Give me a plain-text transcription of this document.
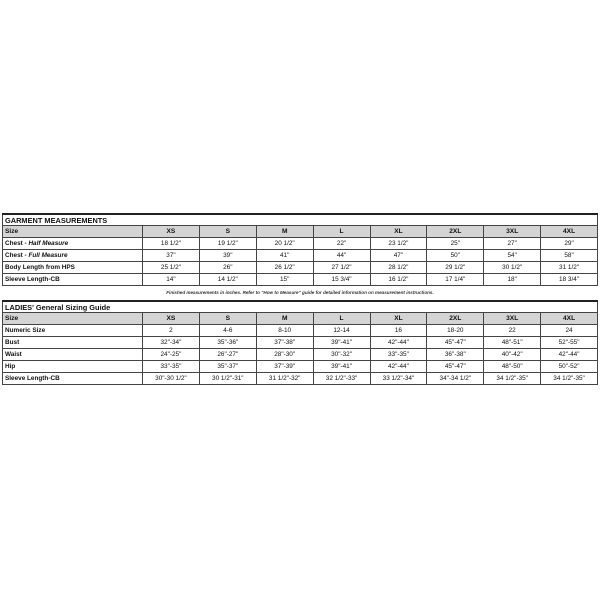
GARMENT MEASUREMENTS								
Size	XS	S	M	L	XL	2XL	3XL	4XL
Chest - Half Measure	18 1/2"	19 1/2"	20 1/2"	22"	23 1/2"	25"	27"	29"
Chest - Full Measure	37"	39"	41"	44"	47"	50"	54"	58"
Body Length from HPS	25 1/2"	26"	26 1/2"	27 1/2"	28 1/2"	29 1/2"	30 1/2"	31 1/2"
Sleeve Length-CB	14"	14 1/2"	15"	15 3/4"	16 1/2"	17 1/4"	18"	18 3/4"
Finished measurements in inches. Refer to "How to Measure" guide for detailed information on measurement instructions.
LADIES' General Sizing Guide								
Size	XS	S	M	L	XL	2XL	3XL	4XL
Numeric Size	2	4-6	8-10	12-14	16	18-20	22	24
Bust	32"-34"	35"-36"	37"-38"	39"-41"	42"-44"	45"-47"	48"-51"	52"-55"
Waist	24"-25"	26"-27"	28"-30"	30"-32"	33"-35"	36"-38"	40"-42"	42"-44"
Hip	33"-35"	35"-37"	37"-39"	39"-41"	42"-44"	45"-47"	48"-50"	50"-52"
Sleeve Length-CB	30"-30 1/2"	30 1/2"-31"	31 1/2"-32"	32 1/2"-33"	33 1/2"-34"	34"-34 1/2"	34 1/2"-35"	34 1/2"-35"
